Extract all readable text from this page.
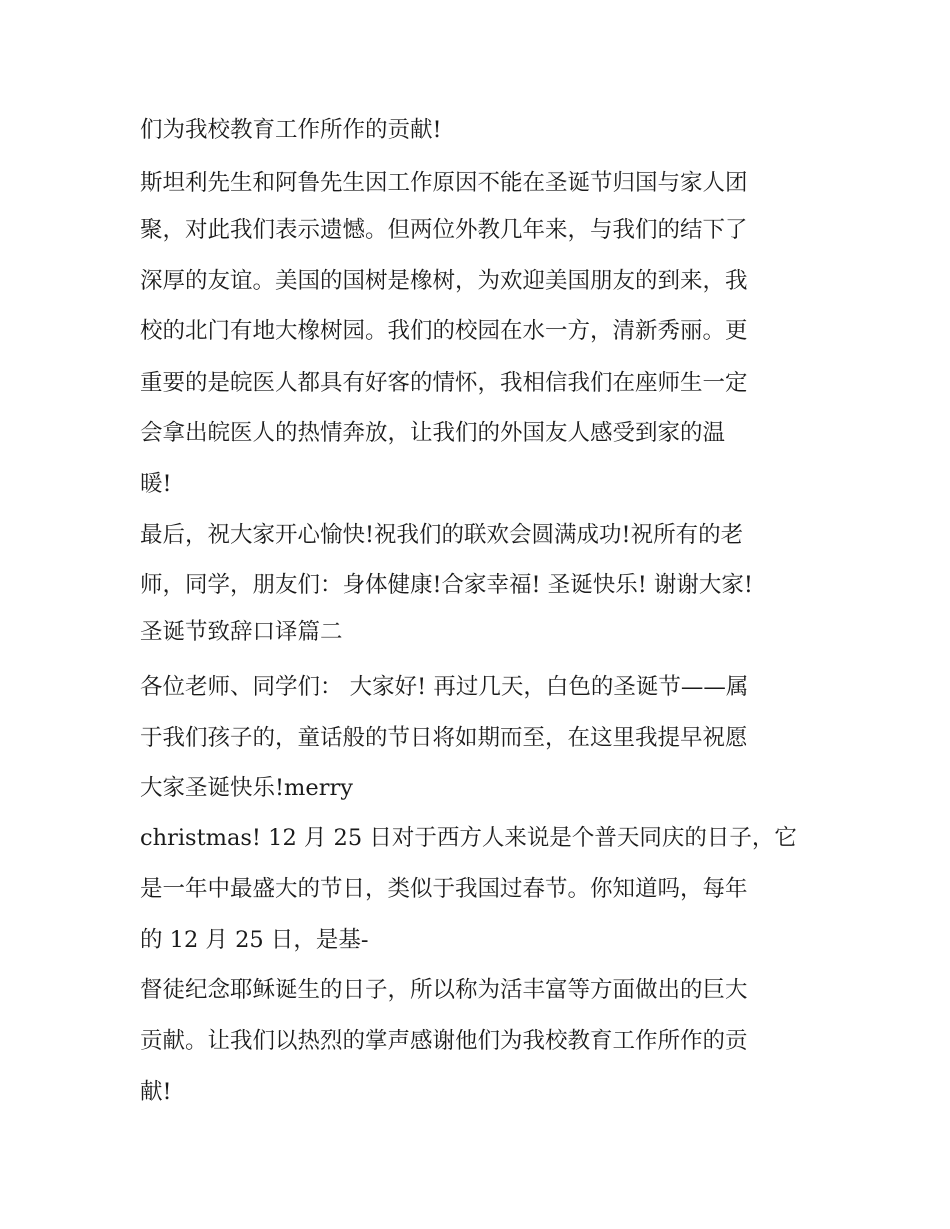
们为我校教育工作所作的贡献!
斯坦利先生和阿鲁先生因工作原因不能在圣诞节归国与家人团
聚，对此我们表示遗憾。但两位外教几年来，与我们的结下了
深厚的友谊。美国的国树是橡树，为欢迎美国朋友的到来，我
校的北门有地大橡树园。我们的校园在水一方，清新秀丽。更
重要的是皖医人都具有好客的情怀，我相信我们在座师生一定
会拿出皖医人的热情奔放，让我们的外国友人感受到家的温
暖!
最后，祝大家开心愉快!祝我们的联欢会圆满成功!祝所有的老
师，同学，朋友们：身体健康!合家幸福! 圣诞快乐! 谢谢大家!
圣诞节致辞口译篇二
各位老师、同学们： 大家好! 再过几天，白色的圣诞节——属
于我们孩子的，童话般的节日将如期而至，在这里我提早祝愿
大家圣诞快乐!merry
christmas! 12 月 25 日对于西方人来说是个普天同庆的日子，它
是一年中最盛大的节日，类似于我国过春节。你知道吗，每年
的 12 月 25 日，是基-
督徒纪念耶稣诞生的日子，所以称为活丰富等方面做出的巨大
贡献。让我们以热烈的掌声感谢他们为我校教育工作所作的贡
献!
